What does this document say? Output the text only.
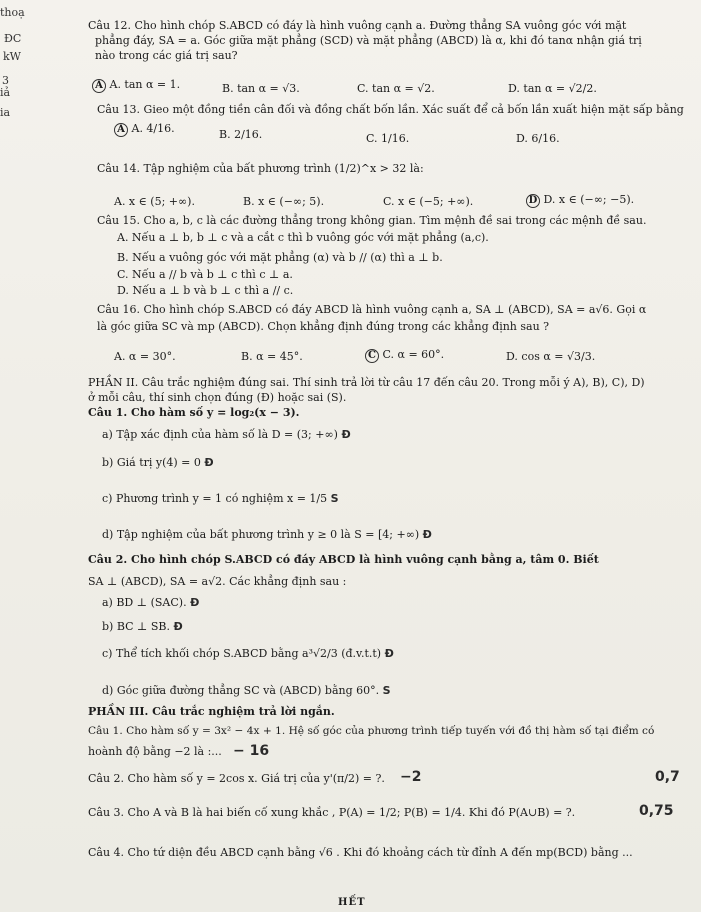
thoạ
ĐC
kW
3
iả
ia
Câu 12. Cho hình chóp S.ABCD có đáy là hình vuông cạnh a. Đường thẳng SA vuông góc với mặt
phẳng đáy, SA = a. Góc giữa mặt phẳng (SCD) và mặt phẳng (ABCD) là α, khi đó tanα nhận giá trị
nào trong các giá trị sau?
A A. tan α = 1.	B. tan α = √3.	C. tan α = √2.	D. tan α = √2/2.
Câu 13. Gieo một đồng tiền cân đối và đồng chất bốn lần. Xác suất để cả bốn lần xuất hiện mặt sấp bằng
A A. 4/16.	B. 2/16.	C. 1/16.	D. 6/16.
Câu 14. Tập nghiệm của bất phương trình (1/2)^x > 32 là:
A. x ∈ (5; +∞).	B. x ∈ (−∞; 5).	C. x ∈ (−5; +∞).	D D. x ∈ (−∞; −5).
Câu 15. Cho a, b, c là các đường thẳng trong không gian. Tìm mệnh đề sai trong các mệnh đề sau.
A. Nếu a ⊥ b, b ⊥ c và a cắt c thì b vuông góc với mặt phẳng (a,c).
B. Nếu a vuông góc với mặt phẳng (α) và b // (α) thì a ⊥ b.
C. Nếu a // b và b ⊥ c thì c ⊥ a.
D. Nếu a ⊥ b và b ⊥ c thì a // c.
Câu 16. Cho hình chóp S.ABCD có đáy ABCD là hình vuông cạnh a, SA ⊥ (ABCD), SA = a√6. Gọi α
là góc giữa SC và mp (ABCD). Chọn khẳng định đúng trong các khẳng định sau ?
A. α = 30°.	B. α = 45°.	C C. α = 60°.	D. cos α = √3/3.
PHẦN II. Câu trắc nghiệm đúng sai. Thí sinh trả lời từ câu 17 đến câu 20. Trong mỗi ý A), B), C), D)
ở mỗi câu, thí sinh chọn đúng (Đ) hoặc sai (S).
Câu 1. Cho hàm số y = log₂(x − 3).
a) Tập xác định của hàm số là D = (3; +∞) Đ
b) Giá trị y(4) = 0 Đ
c) Phương trình y = 1 có nghiệm x = 1/5 S
d) Tập nghiệm của bất phương trình y ≥ 0 là S = [4; +∞) Đ
Câu 2. Cho hình chóp S.ABCD có đáy ABCD là hình vuông cạnh bằng a, tâm 0. Biết
SA ⊥ (ABCD), SA = a√2. Các khẳng định sau :
a) BD ⊥ (SAC). Đ
b) BC ⊥ SB. Đ
c) Thể tích khối chóp S.ABCD bằng a³√2/3 (đ.v.t.t) Đ
d) Góc giữa đường thẳng SC và (ABCD) bằng 60°. S
PHẦN III. Câu trắc nghiệm trả lời ngắn.
Câu 1. Cho hàm số y = 3x² − 4x + 1. Hệ số góc của phương trình tiếp tuyến với đồ thị hàm số tại điểm có
hoành độ bằng −2 là :... − 16
Câu 2. Cho hàm số y = 2cos x. Giá trị của y'(π/2) = ?. −2	0,7
Câu 3. Cho A và B là hai biến cố xung khắc , P(A) = 1/2; P(B) = 1/4. Khi đó P(A∪B) = ?.	0,75
Câu 4. Cho tứ diện đều ABCD cạnh bằng √6 . Khi đó khoảng cách từ đỉnh A đến mp(BCD) bằng ...
HẾT
